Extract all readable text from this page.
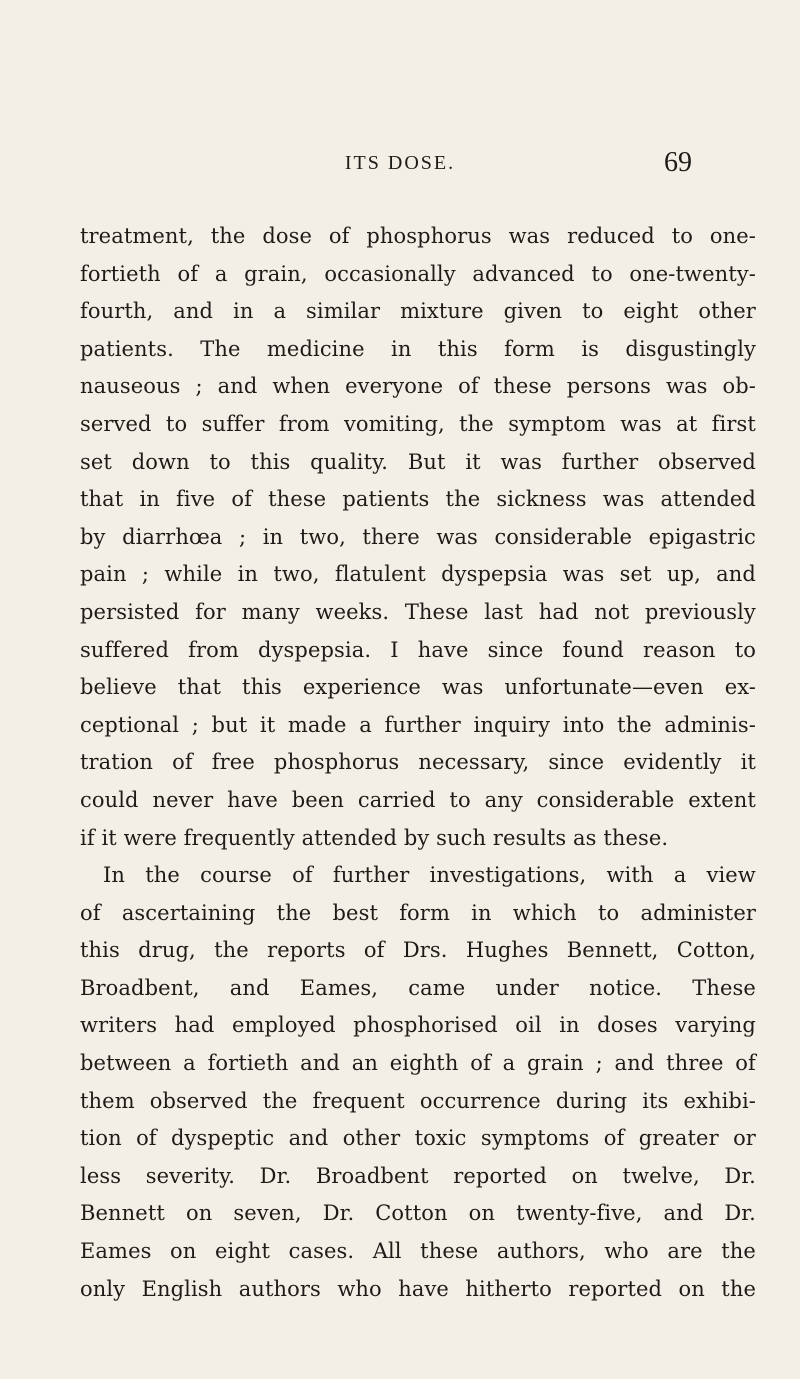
ITS DOSE.	69
treatment, the dose of phosphorus was reduced to one-
fortieth of a grain, occasionally advanced to one-twenty-
fourth, and in a similar mixture given to eight other
patients. The medicine in this form is disgustingly
nauseous ; and when everyone of these persons was ob-
served to suffer from vomiting, the symptom was at first
set down to this quality. But it was further observed
that in five of these patients the sickness was attended
by diarrhœa ; in two, there was considerable epigastric
pain ; while in two, flatulent dyspepsia was set up, and
persisted for many weeks. These last had not previously
suffered from dyspepsia. I have since found reason to
believe that this experience was unfortunate—even ex-
ceptional ; but it made a further inquiry into the adminis-
tration of free phosphorus necessary, since evidently it
could never have been carried to any considerable extent
if it were frequently attended by such results as these.
In the course of further investigations, with a view
of ascertaining the best form in which to administer
this drug, the reports of Drs. Hughes Bennett, Cotton,
Broadbent, and Eames, came under notice. These
writers had employed phosphorised oil in doses varying
between a fortieth and an eighth of a grain ; and three of
them observed the frequent occurrence during its exhibi-
tion of dyspeptic and other toxic symptoms of greater or
less severity. Dr. Broadbent reported on twelve, Dr.
Bennett on seven, Dr. Cotton on twenty-five, and Dr.
Eames on eight cases. All these authors, who are the
only English authors who have hitherto reported on the
